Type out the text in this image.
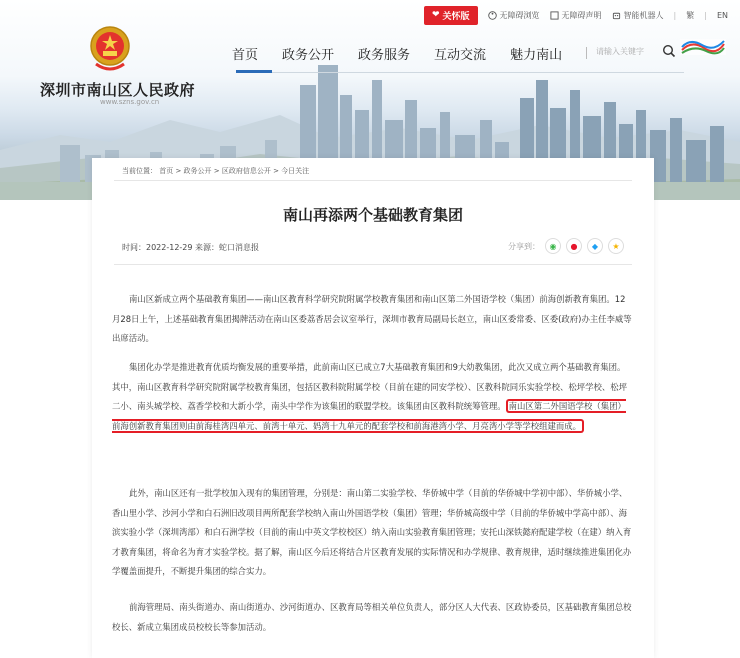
❤ 关怀版	无障碍浏览	无障碍声明	智能机器人 | 繁 | EN
深圳市南山区人民政府
www.szns.gov.cn
首页	政务公开	政务服务	互动交流	魅力南山	请输入关键字
当前位置： 首页 > 政务公开 > 区政府信息公开 > 今日关注
南山再添两个基础教育集团
时间：2022-12-29 来源：蛇口消息报	分享到：	◉	●	◆	★

南山区新成立两个基础教育集团——南山区教育科学研究院附属学校教育集团和南山区第二外国语学校（集团）前海创新教育集团。12月28日上午，上述基础教育集团揭牌活动在南山区委荔香居会议室举行，深圳市教育局副局长赵立，南山区委常委、区委(政府)办主任李威等出席活动。

集团化办学是推进教育优质均衡发展的重要举措，此前南山区已成立7大基础教育集团和9大幼教集团，此次又成立两个基础教育集团。其中，南山区教育科学研究院附属学校教育集团，包括区教科院附属学校（目前在建的同安学校）、区教科院同乐实验学校、松坪学校、松坪二小、南头城学校、荔香学校和大新小学，南头中学作为该集团的联盟学校。该集团由区教科院统筹管理。 南山区第二外国语学校（集团）前海创新教育集团则由前海桂湾四单元、前湾十单元、妈湾十九单元的配套学校和前海港湾小学、月亮湾小学等学校组建而成。

此外，南山区还有一批学校加入现有的集团管理，分别是：南山第二实验学校、华侨城中学（目前的华侨城中学初中部）、华侨城小学、香山里小学、沙河小学和白石洲旧改项目两所配套学校纳入南山外国语学校（集团）管理；华侨城高级中学（目前的华侨城中学高中部）、海滨实验小学（深圳湾部）和白石洲学校（目前的南山中英文学校校区）纳入南山实验教育集团管理；安托山深铁懿府配建学校（在建）纳入育才教育集团，将命名为育才实验学校。据了解，南山区今后还将结合片区教育发展的实际情况和办学规律、教育规律，适时继续推进集团化办学覆盖面提升，不断提升集团的综合实力。

前海管理局、南头街道办、南山街道办、沙河街道办、区教育局等相关单位负责人，部分区人大代表、区政协委员，区基础教育集团总校校长、新成立集团成员校校长等参加活动。
